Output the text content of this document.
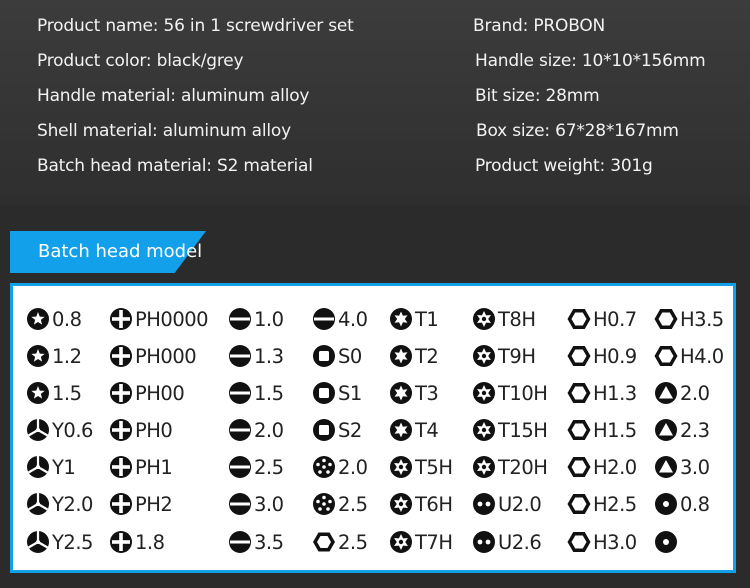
Product name: 56 in 1 screwdriver set
Product color: black/grey
Handle material: aluminum alloy
Shell material: aluminum alloy
Batch head material: S2 material
Brand: PROBON
Handle size: 10*10*156mm
Bit size: 28mm
Box size: 67*28*167mm
Product weight: 301g
Batch head model
0.8
1.2
1.5
Y0.6
Y1
Y2.0
Y2.5
PH0000
PH000
PH00
PH0
PH1
PH2
1.8
1.0
1.3
1.5
2.0
2.5
3.0
3.5
4.0
S0
S1
S2
2.0
2.5
2.5
T1
T2
T3
T4
T5H
T6H
T7H
T8H
T9H
T10H
T15H
T20H
U2.0
U2.6
H0.7
H0.9
H1.3
H1.5
H2.0
H2.5
H3.0
H3.5
H4.0
2.0
2.3
3.0
0.8
